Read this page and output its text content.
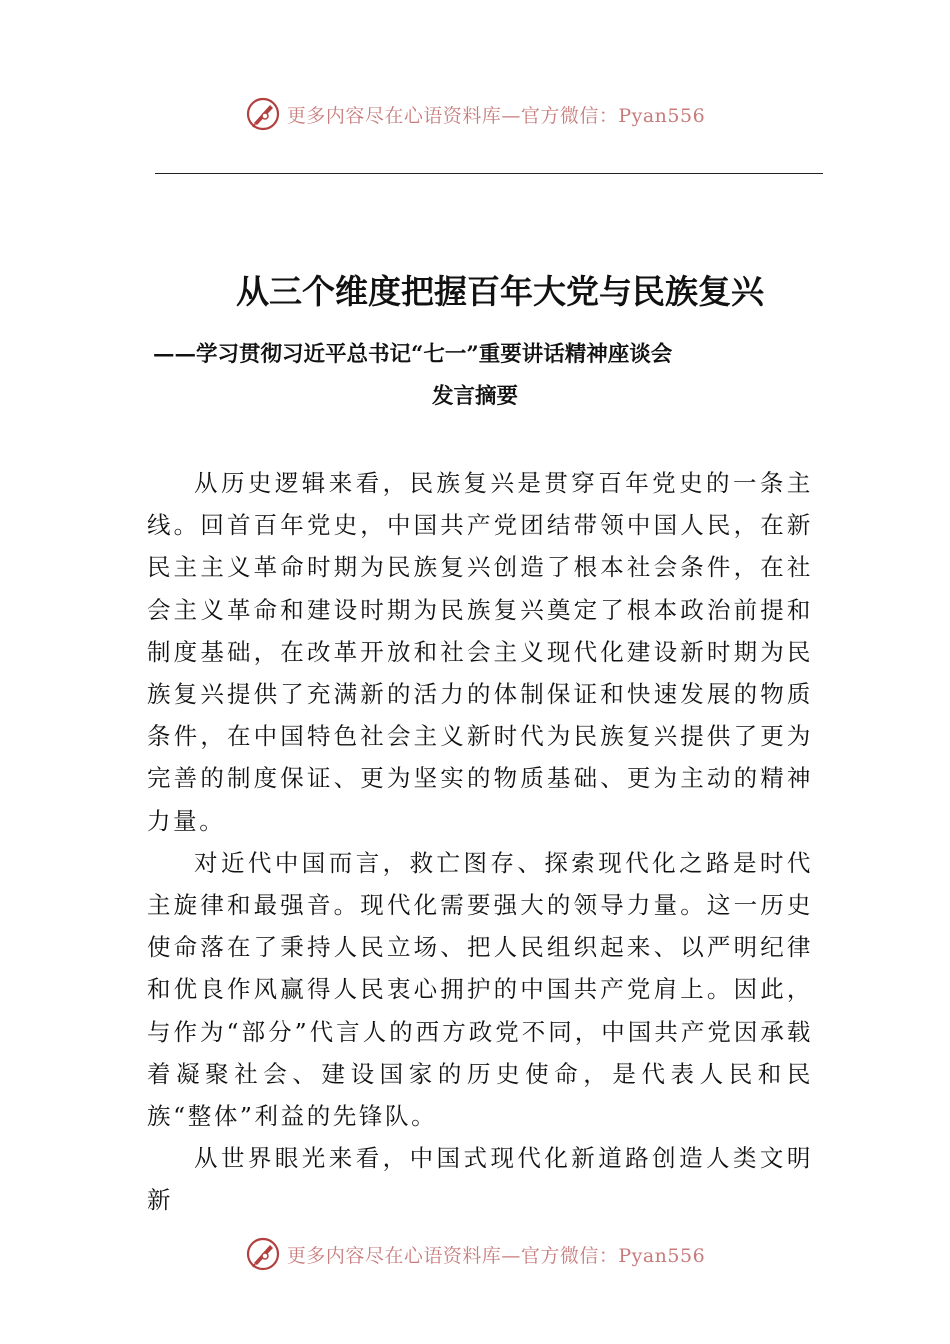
更多内容尽在心语资料库—官方微信：Pyan556
从三个维度把握百年大党与民族复兴
——学习贯彻习近平总书记“七一”重要讲话精神座谈会
发言摘要

从历史逻辑来看，民族复兴是贯穿百年党史的一条主线。回首百年党史，中国共产党团结带领中国人民，在新民主主义革命时期为民族复兴创造了根本社会条件，在社会主义革命和建设时期为民族复兴奠定了根本政治前提和制度基础，在改革开放和社会主义现代化建设新时期为民族复兴提供了充满新的活力的体制保证和快速发展的物质条件，在中国特色社会主义新时代为民族复兴提供了更为完善的制度保证、更为坚实的物质基础、更为主动的精神力量。

对近代中国而言，救亡图存、探索现代化之路是时代主旋律和最强音。现代化需要强大的领导力量。这一历史使命落在了秉持人民立场、把人民组织起来、以严明纪律和优良作风赢得人民衷心拥护的中国共产党肩上。因此，与作为“部分”代言人的西方政党不同，中国共产党因承载着凝聚社会、建设国家的历史使命，是代表人民和民族“整体”利益的先锋队。

从世界眼光来看，中国式现代化新道路创造人类文明新

更多内容尽在心语资料库—官方微信：Pyan556
